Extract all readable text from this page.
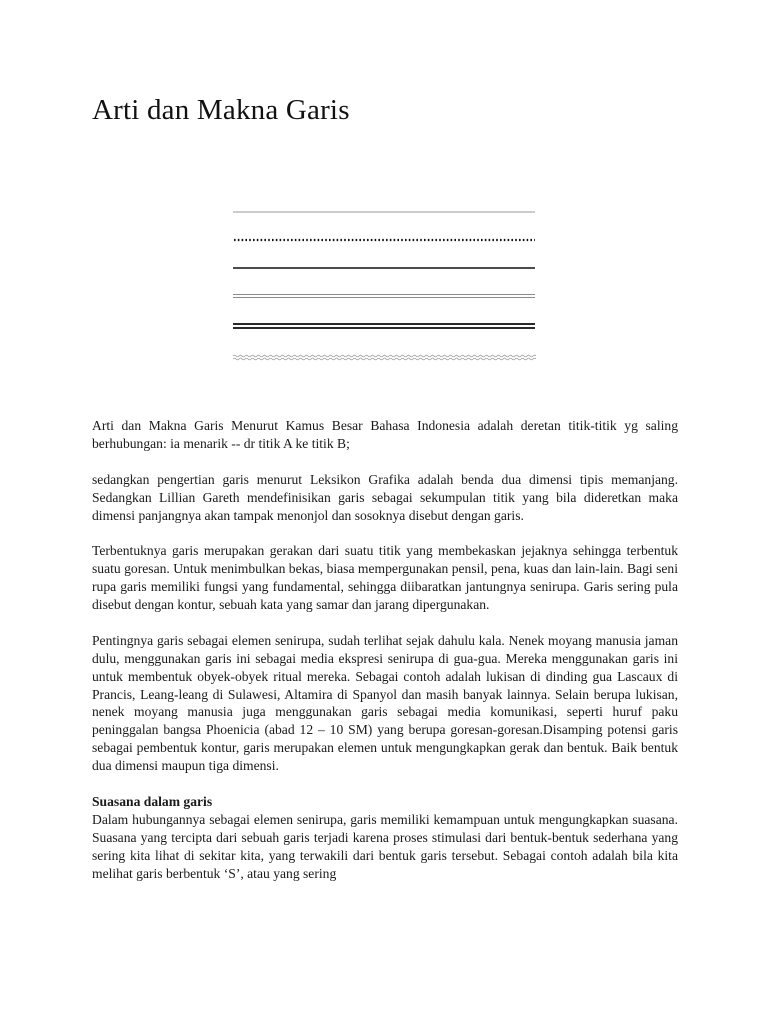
Arti dan Makna Garis

Arti dan Makna Garis Menurut Kamus Besar Bahasa Indonesia adalah deretan titik-titik yg saling berhubungan: ia menarik -- dr titik A ke titik B;

sedangkan pengertian garis menurut Leksikon Grafika adalah benda dua dimensi tipis memanjang. Sedangkan Lillian Gareth mendefinisikan garis sebagai sekumpulan titik yang bila dideretkan maka dimensi panjangnya akan tampak menonjol dan sosoknya disebut dengan garis.

Terbentuknya garis merupakan gerakan dari suatu titik yang membekaskan jejaknya sehingga terbentuk suatu goresan. Untuk menimbulkan bekas, biasa mempergunakan pensil, pena, kuas dan lain-lain. Bagi seni rupa garis memiliki fungsi yang fundamental, sehingga diibaratkan jantungnya senirupa. Garis sering pula disebut dengan kontur, sebuah kata yang samar dan jarang dipergunakan.

Pentingnya garis sebagai elemen senirupa, sudah terlihat sejak dahulu kala. Nenek moyang manusia jaman dulu, menggunakan garis ini sebagai media ekspresi senirupa di gua-gua. Mereka menggunakan garis ini untuk membentuk obyek-obyek ritual mereka. Sebagai contoh adalah lukisan di dinding gua Lascaux di Prancis, Leang-leang di Sulawesi, Altamira di Spanyol dan masih banyak lainnya. Selain berupa lukisan, nenek moyang manusia juga menggunakan garis sebagai media komunikasi, seperti huruf paku peninggalan bangsa Phoenicia (abad 12 – 10 SM) yang berupa goresan-goresan.Disamping potensi garis sebagai pembentuk kontur, garis merupakan elemen untuk mengungkapkan gerak dan bentuk. Baik bentuk dua dimensi maupun tiga dimensi.

Suasana dalam garis

Dalam hubungannya sebagai elemen senirupa, garis memiliki kemampuan untuk mengungkapkan suasana. Suasana yang tercipta dari sebuah garis terjadi karena proses stimulasi dari bentuk-bentuk sederhana yang sering kita lihat di sekitar kita, yang terwakili dari bentuk garis tersebut. Sebagai contoh adalah bila kita melihat garis berbentuk ‘S’, atau yang sering
